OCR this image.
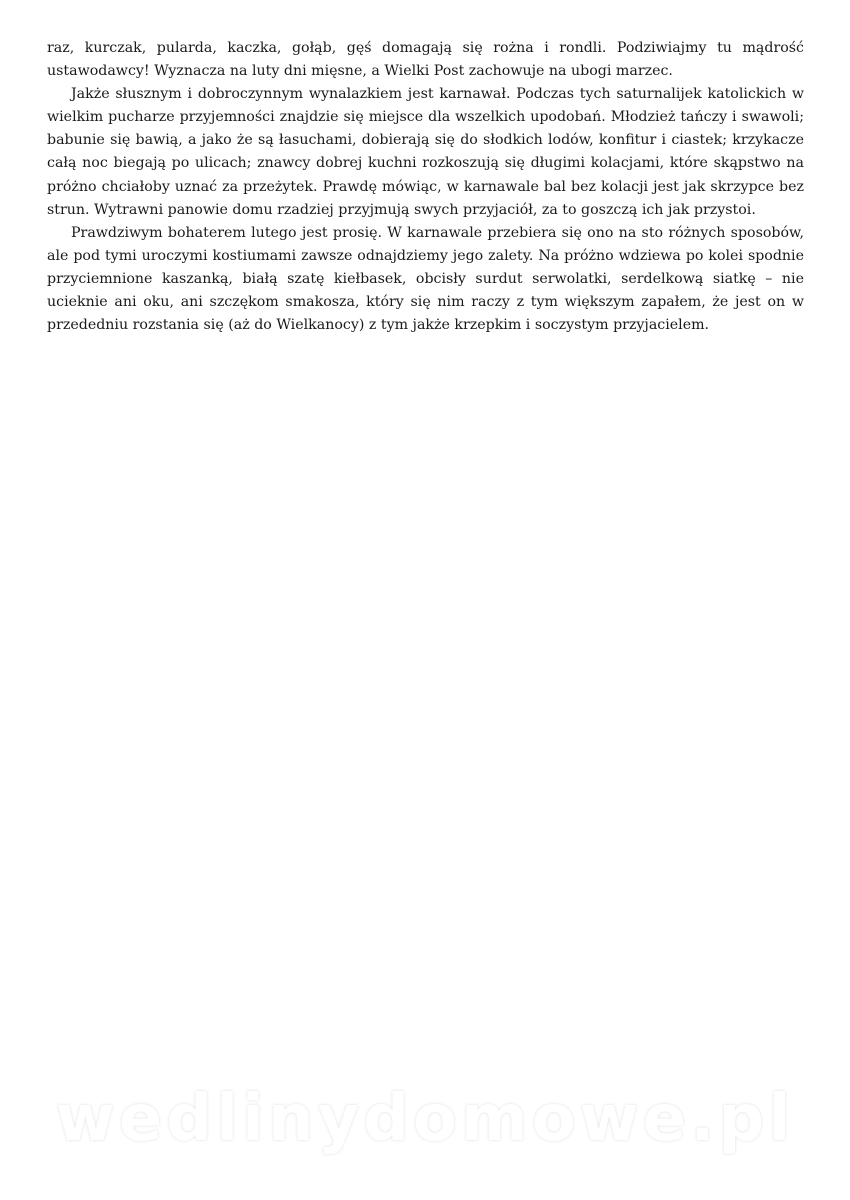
raz, kurczak, pularda, kaczka, gołąb, gęś domagają się rożna i rondli. Podziwiajmy tu mądrość ustawodawcy! Wyznacza na luty dni mięsne, a Wielki Post zachowuje na ubogi marzec.

Jakże słusznym i dobroczynnym wynalazkiem jest karnawał. Podczas tych saturnalijek katolickich w wielkim pucharze przyjemności znajdzie się miejsce dla wszelkich upodobań. Młodzież tańczy i swawoli; babunie się bawią, a jako że są łasuchami, dobierają się do słodkich lodów, konfitur i ciastek; krzykacze całą noc biegają po ulicach; znawcy dobrej kuchni rozkoszują się długimi kolacjami, które skąpstwo na próżno chciałoby uznać za przeżytek. Prawdę mówiąc, w karnawale bal bez kolacji jest jak skrzypce bez strun. Wytrawni panowie domu rzadziej przyjmują swych przyjaciół, za to goszczą ich jak przystoi.

Prawdziwym bohaterem lutego jest prosię. W karnawale przebiera się ono na sto różnych sposobów, ale pod tymi uroczymi kostiumami zawsze odnajdziemy jego zalety. Na próżno wdziewa po kolei spodnie przyciemnione kaszanką, białą szatę kiełbasek, obcisły surdut serwolatki, serdelkową siatkę – nie ucieknie ani oku, ani szczękom smakosza, który się nim raczy z tym większym zapałem, że jest on w przededniu rozstania się (aż do Wielkanocy) z tym jakże krzepkim i soczystym przyjacielem.

wedlinydomowe.pl
